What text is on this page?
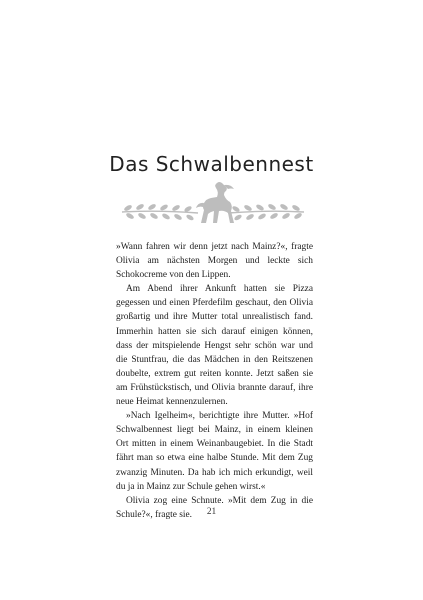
Das Schwalbennest

»Wann fahren wir denn jetzt nach Mainz?«, fragte Olivia am nächsten Morgen und leckte sich Schokocreme von den Lippen.

Am Abend ihrer Ankunft hatten sie Pizza gegessen und einen Pferdefilm geschaut, den Olivia großartig und ihre Mutter total unrealistisch fand. Immerhin hatten sie sich darauf einigen können, dass der mitspielende Hengst sehr schön war und die Stuntfrau, die das Mädchen in den Reitszenen doubelte, extrem gut reiten konnte. Jetzt saßen sie am Frühstückstisch, und Olivia brannte darauf, ihre neue Heimat kennenzulernen.

»Nach Igelheim«, berichtigte ihre Mutter. »Hof Schwalbennest liegt bei Mainz, in einem kleinen Ort mitten in einem Weinanbaugebiet. In die Stadt fährt man so etwa eine halbe Stunde. Mit dem Zug zwanzig Minuten. Da hab ich mich erkundigt, weil du ja in Mainz zur Schule gehen wirst.«

Olivia zog eine Schnute. »Mit dem Zug in die Schule?«, fragte sie.	21
